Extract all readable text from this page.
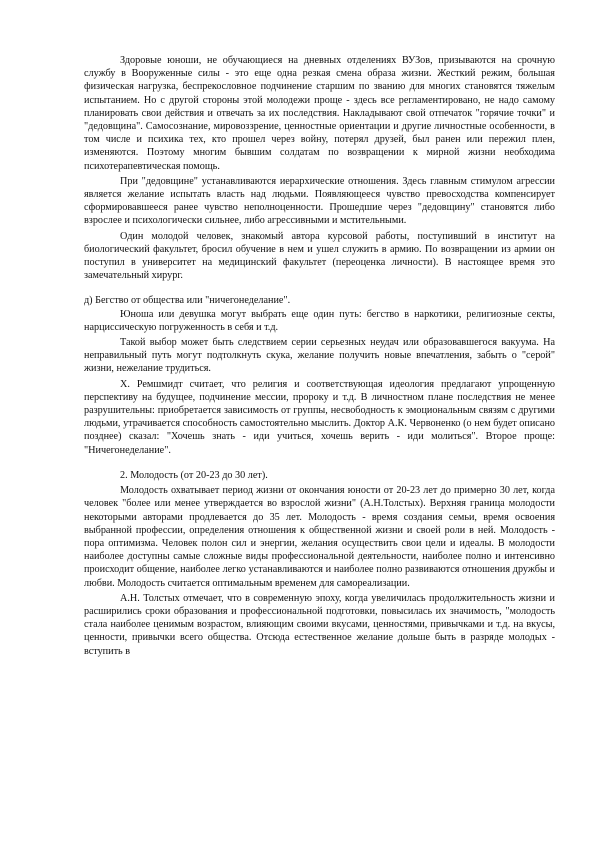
Здоровые юноши, не обучающиеся на дневных отделениях ВУЗов, призываются на срочную службу в Вооруженные силы - это еще одна резкая смена образа жизни. Жесткий режим, большая физическая нагрузка, беспрекословное подчинение старшим по званию для многих становятся тяжелым испытанием. Но с другой стороны этой молодежи проще - здесь все регламентировано, не надо самому планировать свои действия и отвечать за их последствия. Накладывают свой отпечаток "горячие точки" и "дедовщина". Самосознание, мировоззрение, ценностные ориентации и другие личностные особенности, в том числе и психика тех, кто прошел через войну, потерял друзей, был ранен или пережил плен, изменяются. Поэтому многим бывшим солдатам по возвращении к мирной жизни необходима психотерапевтическая помощь.

При "дедовщине" устанавливаются иерархические отношения. Здесь главным стимулом агрессии является желание испытать власть над людьми. Появляющееся чувство превосходства компенсирует сформировавшееся ранее чувство неполноценности. Прошедшие через "дедовщину" становятся либо взрослее и психологически сильнее, либо агрессивными и мстительными.

Один молодой человек, знакомый автора курсовой работы, поступивший в институт на биологический факультет, бросил обучение в нем и ушел служить в армию. По возвращении из армии он поступил в университет на медицинский факультет (переоценка личности). В настоящее время это замечательный хирург.

д) Бегство от общества или "ничегонеделание".

Юноша или девушка могут выбрать еще один путь: бегство в наркотики, религиозные секты, нарциссическую погруженность в себя и т.д.

Такой выбор может быть следствием серии серьезных неудач или образовавшегося вакуума. На неправильный путь могут подтолкнуть скука, желание получить новые впечатления, забыть о "серой" жизни, нежелание трудиться.

Х. Ремшмидт считает, что религия и соответствующая идеология предлагают упрощенную перспективу на будущее, подчинение мессии, пророку и т.д. В личностном плане последствия не менее разрушительны: приобретается зависимость от группы, несвободность к эмоциональным связям с другими людьми, утрачивается способность самостоятельно мыслить. Доктор А.К. Червоненко (о нем будет описано позднее) сказал: "Хочешь знать - иди учиться, хочешь верить - иди молиться". Второе проще: "Ничегонеделание".

2. Молодость (от 20-23 до 30 лет).

Молодость охватывает период жизни от окончания юности от 20-23 лет до примерно 30 лет, когда человек "более или менее утверждается во взрослой жизни" (А.Н.Толстых). Верхняя граница молодости некоторыми авторами продлевается до 35 лет. Молодость - время создания семьи, время освоения выбранной профессии, определения отношения к общественной жизни и своей роли в ней. Молодость - пора оптимизма. Человек полон сил и энергии, желания осуществить свои цели и идеалы. В молодости наиболее доступны самые сложные виды профессиональной деятельности, наиболее полно и интенсивно происходит общение, наиболее легко устанавливаются и наиболее полно развиваются отношения дружбы и любви. Молодость считается оптимальным временем для самореализации.

А.Н. Толстых отмечает, что в современную эпоху, когда увеличилась продолжительность жизни и расширились сроки образования и профессиональной подготовки, повысилась их значимость, "молодость стала наиболее ценимым возрастом, влияющим своими вкусами, ценностями, привычками и т.д. на вкусы, ценности, привычки всего общества. Отсюда естественное желание дольше быть в разряде молодых - вступить в
